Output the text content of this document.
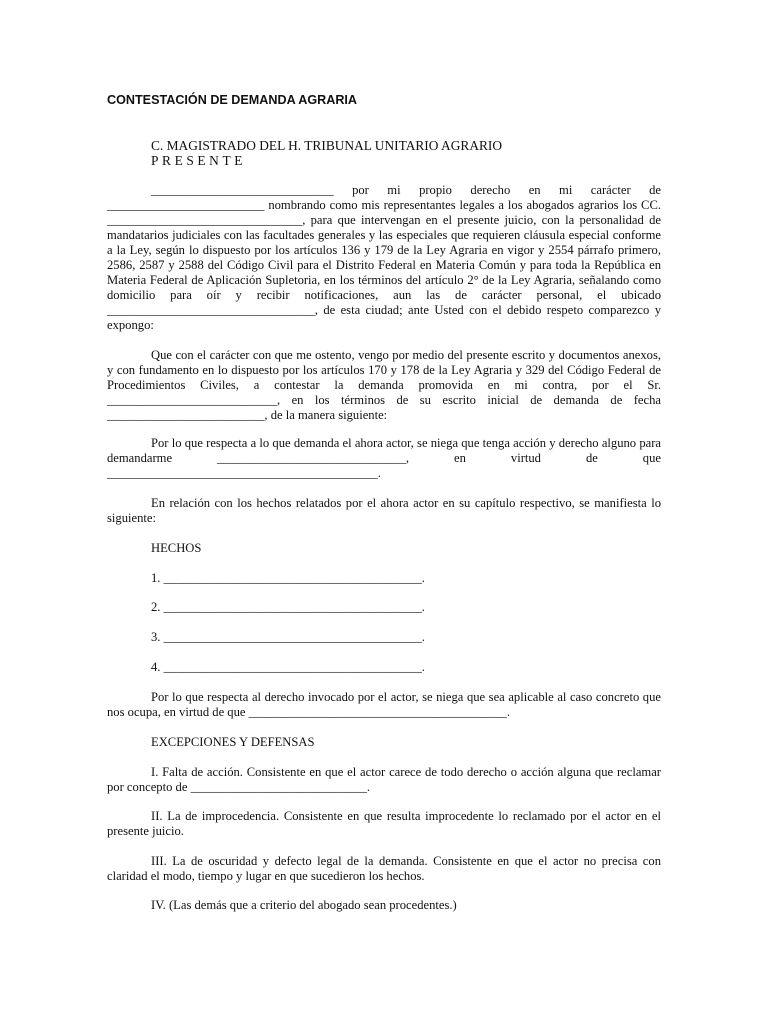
CONTESTACIÓN DE DEMANDA AGRARIA

C. MAGISTRADO DEL H. TRIBUNAL UNITARIO AGRARIO

PRESENTE

_____________________________ por mi propio derecho en mi carácter de
_________________________ nombrando como mis representantes legales a los abogados agrarios los CC.
_______________________________, para que intervengan en el presente juicio, con la personalidad de
mandatarios judiciales con las facultades generales y las especiales que requieren cláusula especial conforme
a la Ley, según lo dispuesto por los artículos 136 y 179 de la Ley Agraria en vigor y 2554 párrafo primero,
2586, 2587 y 2588 del Código Civil para el Distrito Federal en Materia Común y para toda la República en
Materia Federal de Aplicación Supletoria, en los términos del artículo 2° de la Ley Agraria, señalando como
domicilio para oír y recibir notificaciones, aun las de carácter personal, el ubicado
_________________________________, de esta ciudad; ante Usted con el debido respeto comparezco y
expongo:
Que con el carácter con que me ostento, vengo por medio del presente escrito y documentos anexos,
y con fundamento en lo dispuesto por los artículos 170 y 178 de la Ley Agraria y 329 del Código Federal de
Procedimientos Civiles, a contestar la demanda promovida en mi contra, por el Sr.
___________________________, en los términos de su escrito inicial de demanda de fecha
_________________________, de la manera siguiente:
Por lo que respecta a lo que demanda el ahora actor, se niega que tenga acción y derecho alguno para
demandarme ______________________________, en virtud de que
___________________________________________.
En relación con los hechos relatados por el ahora actor en su capítulo respectivo, se manifiesta lo
siguiente:

HECHOS

1. _________________________________________.

2. _________________________________________.

3. _________________________________________.

4. _________________________________________.

Por lo que respecta al derecho invocado por el actor, se niega que sea aplicable al caso concreto que
nos ocupa, en virtud de que _________________________________________.

EXCEPCIONES Y DEFENSAS

I. Falta de acción. Consistente en que el actor carece de todo derecho o acción alguna que reclamar
por concepto de ____________________________.
II. La de improcedencia. Consistente en que resulta improcedente lo reclamado por el actor en el
presente juicio.
III. La de oscuridad y defecto legal de la demanda. Consistente en que el actor no precisa con
claridad el modo, tiempo y lugar en que sucedieron los hechos.

IV. (Las demás que a criterio del abogado sean procedentes.)
